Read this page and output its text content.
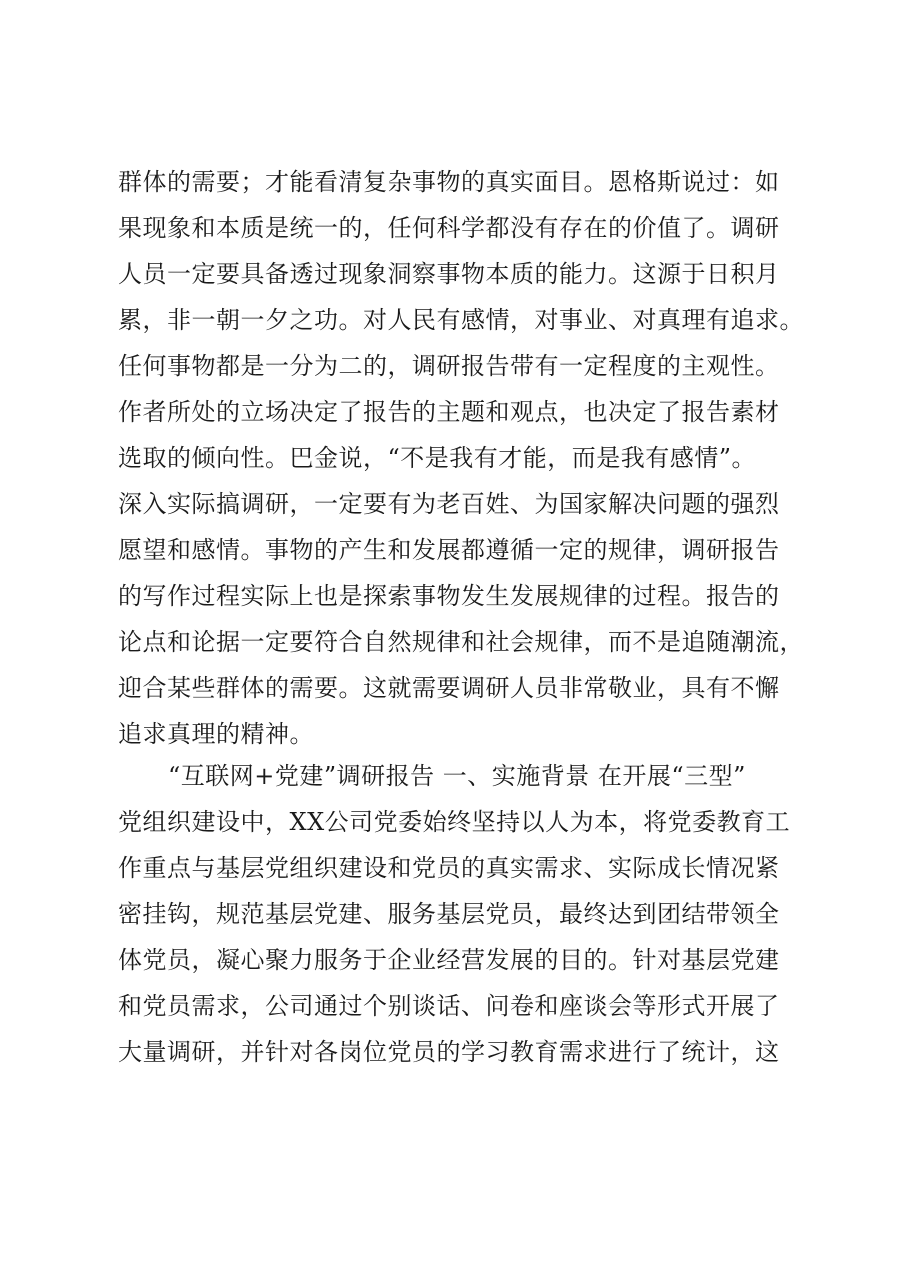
群体的需要；才能看清复杂事物的真实面目。恩格斯说过：如
果现象和本质是统一的，任何科学都没有存在的价值了。调研
人员一定要具备透过现象洞察事物本质的能力。这源于日积月
累，非一朝一夕之功。对人民有感情，对事业、对真理有追求。
任何事物都是一分为二的，调研报告带有一定程度的主观性。
作者所处的立场决定了报告的主题和观点，也决定了报告素材
选取的倾向性。巴金说，“不是我有才能，而是我有感情”。
深入实际搞调研，一定要有为老百姓、为国家解决问题的强烈
愿望和感情。事物的产生和发展都遵循一定的规律，调研报告
的写作过程实际上也是探索事物发生发展规律的过程。报告的
论点和论据一定要符合自然规律和社会规律，而不是追随潮流，
迎合某些群体的需要。这就需要调研人员非常敬业，具有不懈
追求真理的精神。
“互联网+党建”调研报告 一、实施背景 在开展“三型”
党组织建设中，XX公司党委始终坚持以人为本，将党委教育工
作重点与基层党组织建设和党员的真实需求、实际成长情况紧
密挂钩，规范基层党建、服务基层党员，最终达到团结带领全
体党员，凝心聚力服务于企业经营发展的目的。针对基层党建
和党员需求，公司通过个别谈话、问卷和座谈会等形式开展了
大量调研，并针对各岗位党员的学习教育需求进行了统计，这
